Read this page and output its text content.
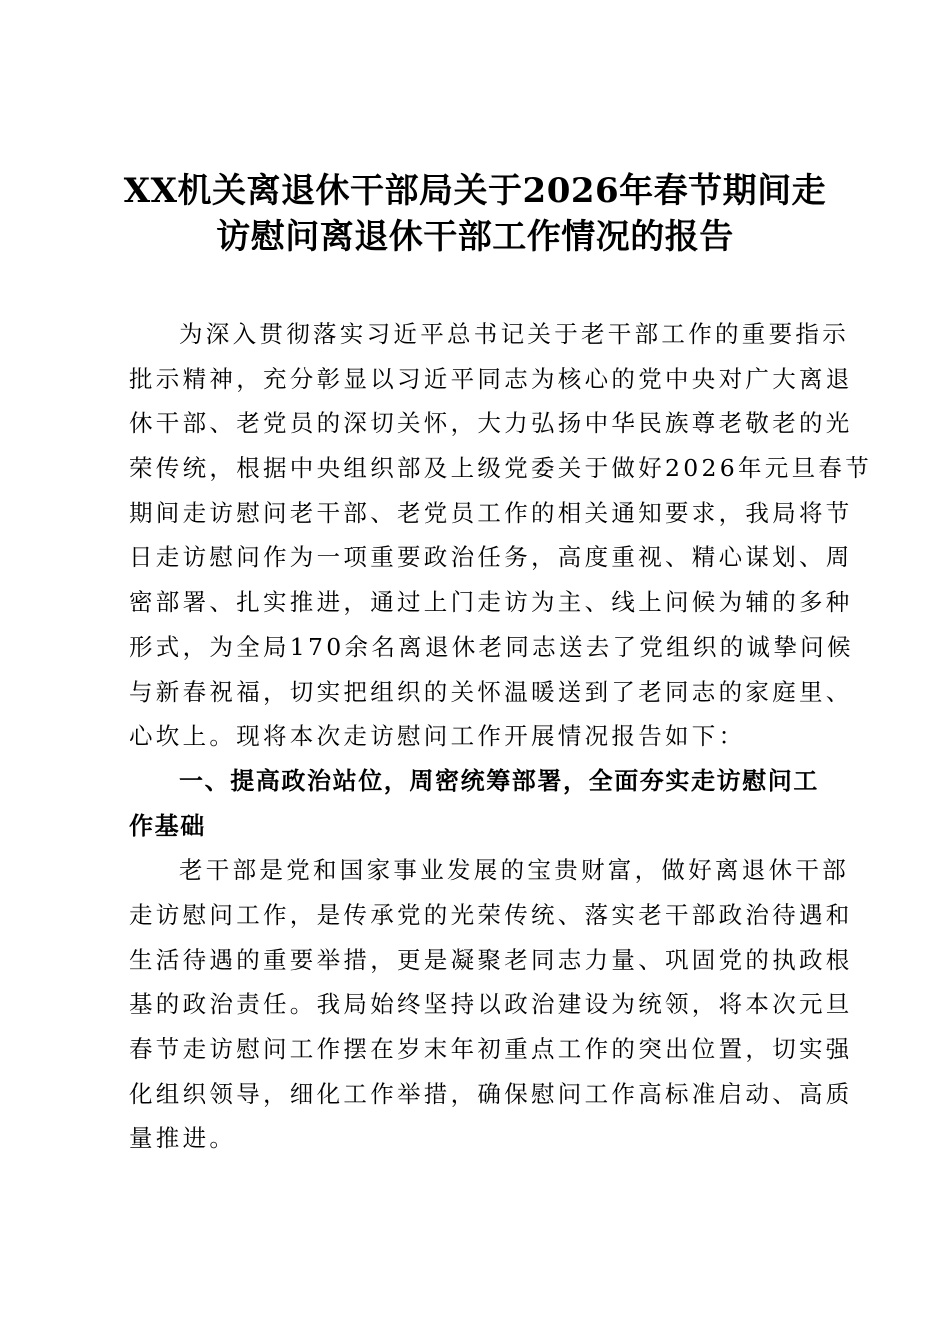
XX机关离退休干部局关于2026年春节期间走
访慰问离退休干部工作情况的报告
为深入贯彻落实习近平总书记关于老干部工作的重要指示
批示精神，充分彰显以习近平同志为核心的党中央对广大离退
休干部、老党员的深切关怀，大力弘扬中华民族尊老敬老的光
荣传统，根据中央组织部及上级党委关于做好2026年元旦春节
期间走访慰问老干部、老党员工作的相关通知要求，我局将节
日走访慰问作为一项重要政治任务，高度重视、精心谋划、周
密部署、扎实推进，通过上门走访为主、线上问候为辅的多种
形式，为全局170余名离退休老同志送去了党组织的诚挚问候
与新春祝福，切实把组织的关怀温暖送到了老同志的家庭里、
心坎上。现将本次走访慰问工作开展情况报告如下：
一、提高政治站位，周密统筹部署，全面夯实走访慰问工
作基础
老干部是党和国家事业发展的宝贵财富，做好离退休干部
走访慰问工作，是传承党的光荣传统、落实老干部政治待遇和
生活待遇的重要举措，更是凝聚老同志力量、巩固党的执政根
基的政治责任。我局始终坚持以政治建设为统领，将本次元旦
春节走访慰问工作摆在岁末年初重点工作的突出位置，切实强
化组织领导，细化工作举措，确保慰问工作高标准启动、高质
量推进。
